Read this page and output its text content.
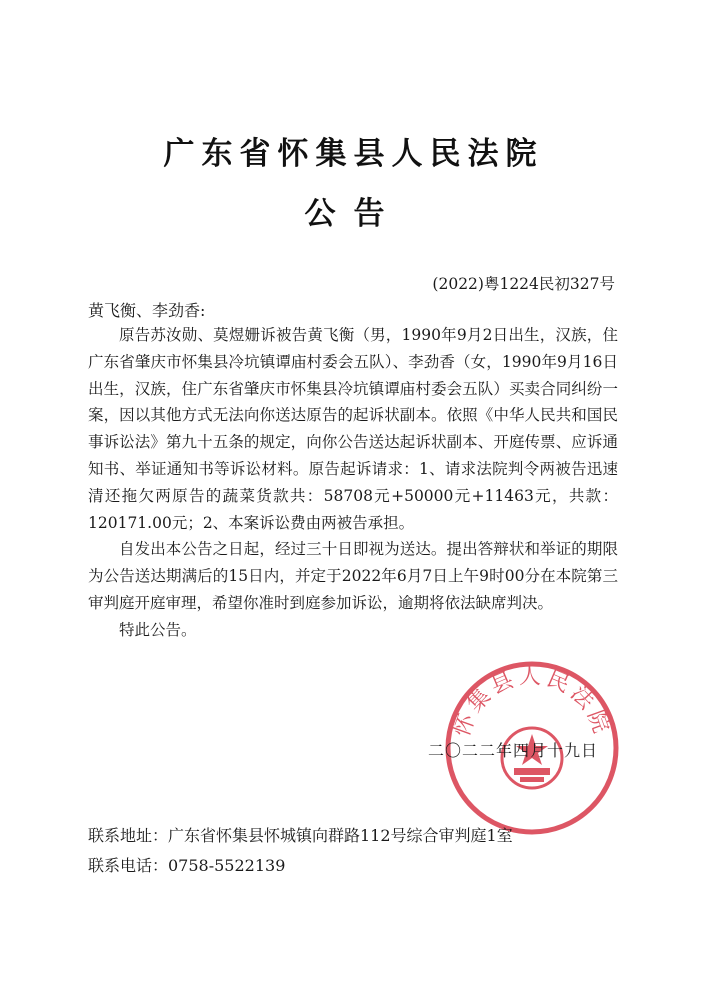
广东省怀集县人民法院
公告
(2022)粤1224民初327号
黄飞衡、李劲香:

原告苏汝勋、莫煜姗诉被告黄飞衡（男，1990年9月2日出生，汉族，住广东省肇庆市怀集县冷坑镇谭庙村委会五队）、李劲香（女，1990年9月16日出生，汉族，住广东省肇庆市怀集县冷坑镇谭庙村委会五队）买卖合同纠纷一案，因以其他方式无法向你送达原告的起诉状副本。依照《中华人民共和国民事诉讼法》第九十五条的规定，向你公告送达起诉状副本、开庭传票、应诉通知书、举证通知书等诉讼材料。原告起诉请求：1、请求法院判令两被告迅速清还拖欠两原告的蔬菜货款共：58708元+50000元+11463元，共款：120171.00元；2、本案诉讼费由两被告承担。

自发出本公告之日起，经过三十日即视为送达。提出答辩状和举证的期限为公告送达期满后的15日内，并定于2022年6月7日上午9时00分在本院第三审判庭开庭审理，希望你准时到庭参加诉讼，逾期将依法缺席判决。

特此公告。

怀集县人民法院
二〇二二年四月十九日
联系地址：广东省怀集县怀城镇向群路112号综合审判庭1室
联系电话：0758-5522139
